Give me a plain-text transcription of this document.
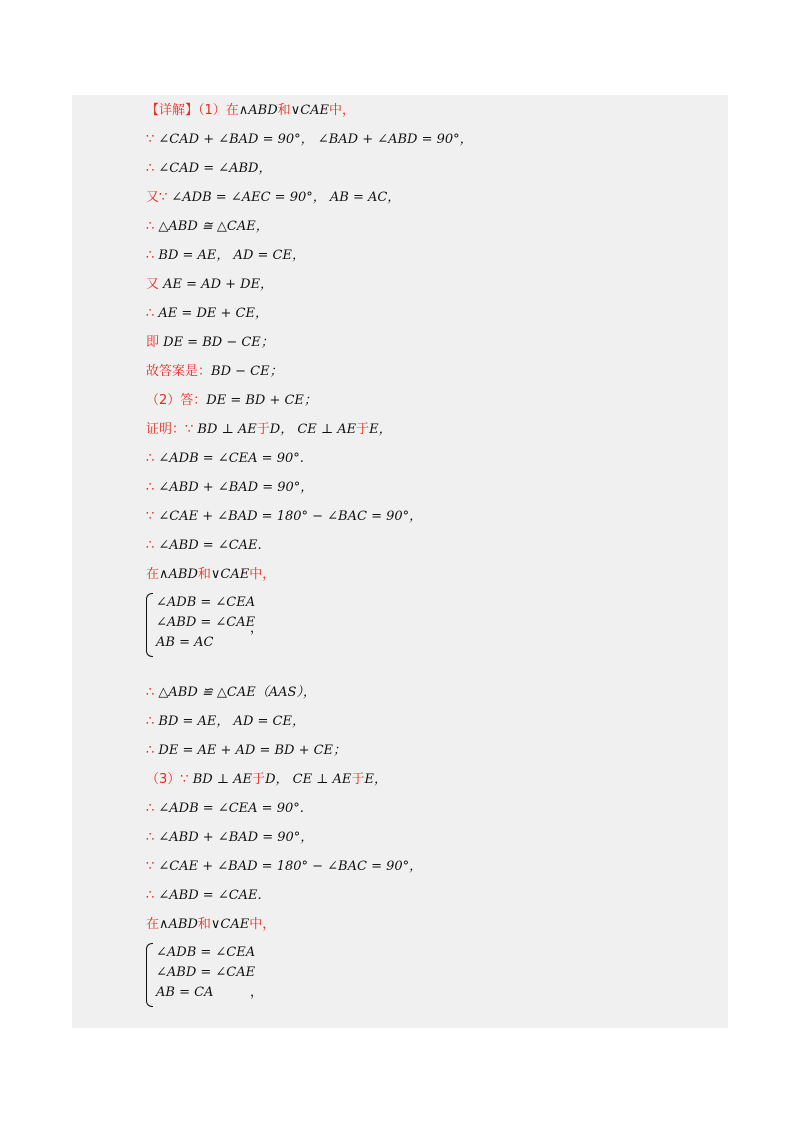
【详解】（1）在∧ABD和∨CAE中，
∵ ∠CAD + ∠BAD = 90°， ∠BAD + ∠ABD = 90°，
∴ ∠CAD = ∠ABD，
又∵ ∠ADB = ∠AEC = 90°， AB = AC，
∴ △ABD ≅ △CAE，
∴ BD = AE， AD = CE，
又 AE = AD + DE，
∴ AE = DE + CE，
即 DE = BD − CE；
故答案是：BD − CE；
（2）答：DE = BD + CE；
证明：∵ BD ⊥ AE于D， CE ⊥ AE于E，
∴ ∠ADB = ∠CEA = 90°.
∴ ∠ABD + ∠BAD = 90°，
∵ ∠CAE + ∠BAD = 180° − ∠BAC = 90°，
∴ ∠ABD = ∠CAE.
在∧ABD和∨CAE中，
∠ADB = ∠CEA
∠ABD = ∠CAE
AB = AC
，
∴ △ABD ≌ △CAE（AAS），
∴ BD = AE， AD = CE，
∴ DE = AE + AD = BD + CE；
（3）∵ BD ⊥ AE于D， CE ⊥ AE于E，
∴ ∠ADB = ∠CEA = 90°.
∴ ∠ABD + ∠BAD = 90°，
∵ ∠CAE + ∠BAD = 180° − ∠BAC = 90°，
∴ ∠ABD = ∠CAE.
在∧ABD和∨CAE中，
∠ADB = ∠CEA
∠ABD = ∠CAE
AB = CA	，
